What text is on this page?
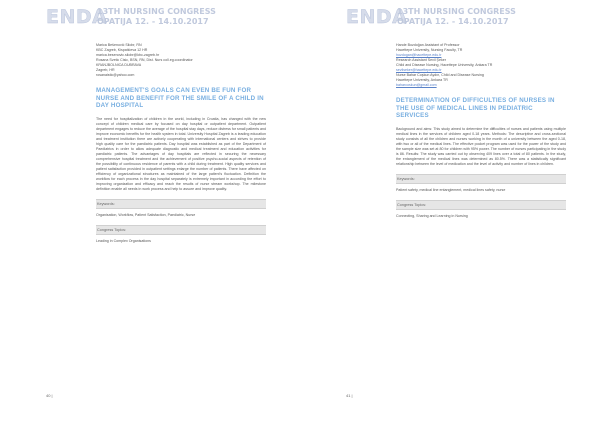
ENDA
13TH NURSING CONGRESS
OPATIJA 12. - 14.10.2017
Marica Bešenović Silobr, RN
KBC Zagreb, Kispatićeva 12 HR
marica.besenovic.silobr@kbc-zagreb.hr
Rosana Svetic Cisic, BSN, RN, Dist. Nurs coll.eg.coordinator
KRANJBOLNICA DUBRAVA
Zagreb, HR
rosanaistic@yahoo.com
MANAGEMENT'S GOALS CAN EVEN BE FUN FOR NURSE AND BENEFIT FOR THE SMILE OF A CHILD IN DAY HOSPITAL
The need for hospitalization of children in the world, including in Croatia, has changed with the new concept of children medical care by focused on day hospital or outpatient department. Outpatient department engages to reduce the average of the hospital stay days, reduce distress for small patients and improve economic benefits for the health system in total. University Hospital Zagreb is a leading education and treatment institution there are actively cooperating with international centers and strives to provide high quality care for the paediatric patients. Day hospital was established as part of the Department of Paediatrics in order to allow adequate diagnostic and medical treatment and education activities for paediatric patients. The advantages of day hospitals are reflected in securing the necessary comprehensive hospital treatment and the achievement of positive psycho-social aspects of retention of the possibility of continuous residence of parents with a child during treatment. High quality services and patient satisfaction provided in outpatient settings enlarge the number of patients. There have affected on efficiency of organizational structures as maintained of the large patient's fluctuation. Definition the workflow for each process in the day hospital separately is extremely important in according the effort to improving organization and efficacy and reach the results of nurse stream workshop. The milestone definition enable all needs in work process and help to assure and improve quality.
Keywords:
Organisation, Workflow, Patient Satisfaction, Paediatric, Nurse
Congress Topics:
Leading in Complex Organisations
40 |
ENDA
13TH NURSING CONGRESS
OPATIJA 12. - 14.10.2017
Hande Bozdoğan Assistant of Professor
Hacettepe University, Nursing Faculty, TR
hozdogan@hacettepe.edu.tr
Research Assistant Sevil Şeker
Child and Disease Nursing, Hacettepe University, Ankara TR
sevilseker@hacettepe.edu.tr
Nurse Bahar Coşkun Aydın, Child and Disease Nursing
Hacettepe University, Ankara TR
baharcoskun@gmail.com
DETERMINATION OF DIFFICULTIES OF NURSES IN THE USE OF MEDICAL LINES IN PEDIATRIC SERVICES
Background and aims: This study aimed to determine the difficulties of nurses and patients using multiple medical lines in the services of children aged 0-18 years. Methods: The descriptive and cross-sectional study consists of all the children and nurses working in the month of a university between the aged 0-18, with two or all of the medical lines. The effective pocket program was used for the power of the study and the sample size was set at 80 for children with 95% power. The number of nurses participating in the study is 86. Results: The study was carried out by observing 409 lines over a total of 80 patients. In the study, the entanglement of the medical lines was determined as 80.5%. There was a statistically significant relationship between the level of medication and the level of activity and number of lines in children.
Keywords:
Patient safety, medical line entanglement, medical lines safety, nurse
Congress Topics:
Connecting, Sharing and Learning in Nursing
41 |
